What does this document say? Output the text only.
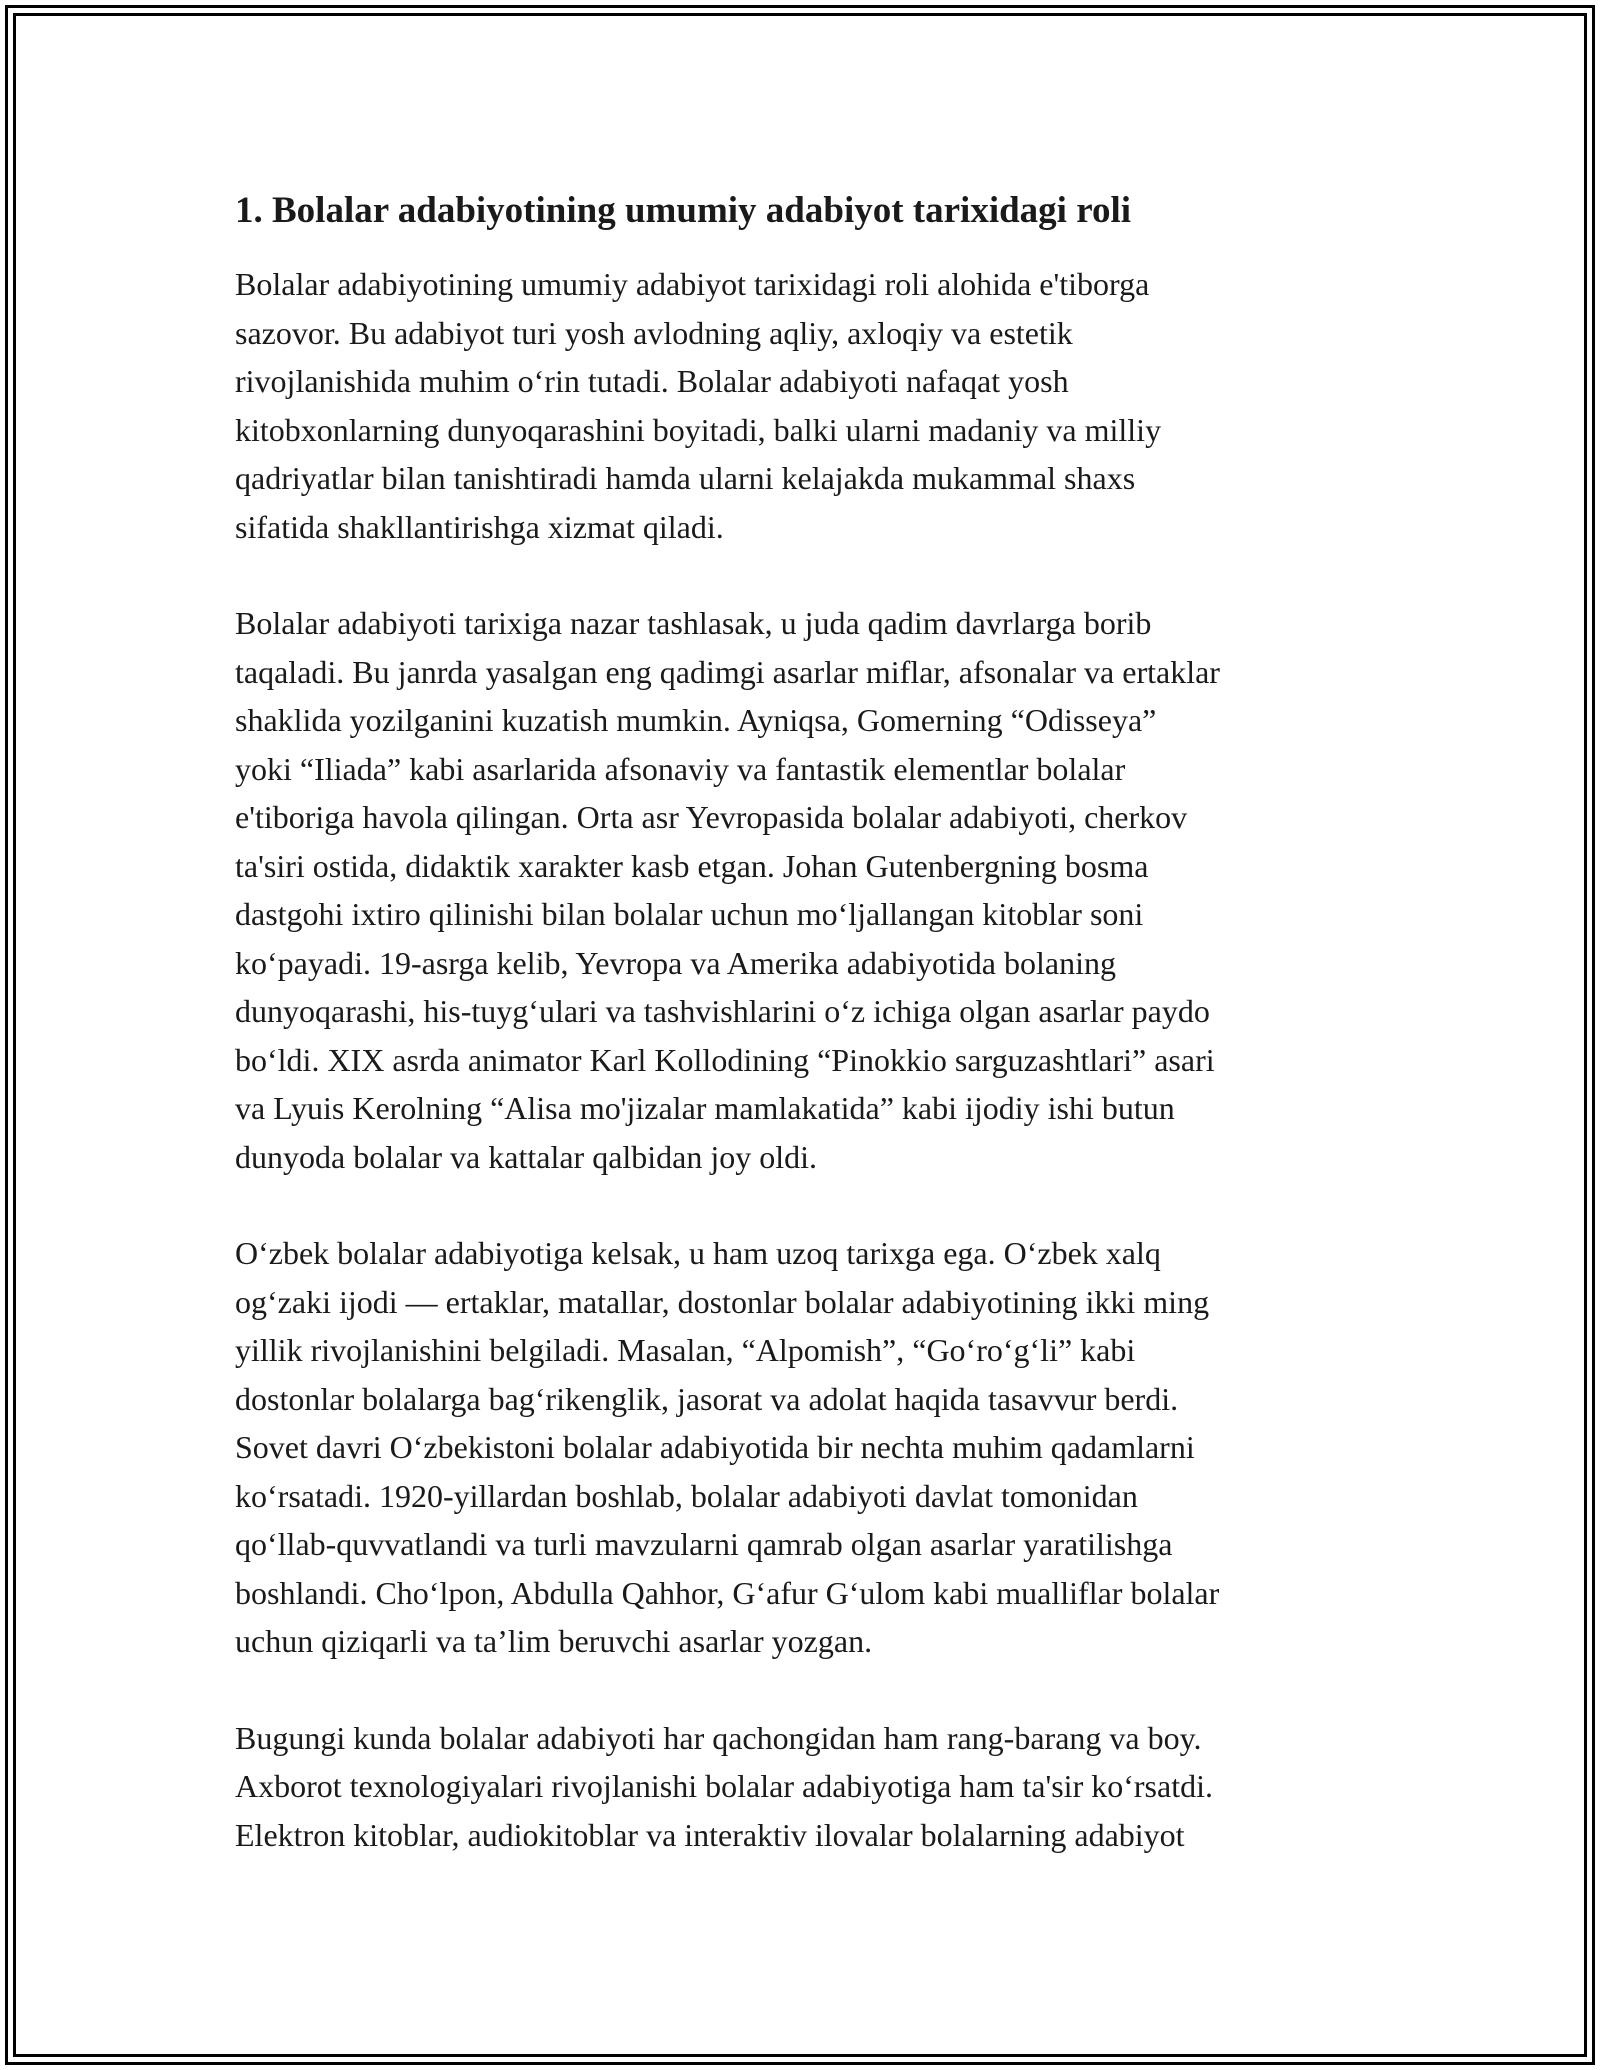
1. Bolalar adabiyotining umumiy adabiyot tarixidagi roli

Bolalar adabiyotining umumiy adabiyot tarixidagi roli alohida e'tiborga
sazovor. Bu adabiyot turi yosh avlodning aqliy, axloqiy va estetik
rivojlanishida muhim o‘rin tutadi. Bolalar adabiyoti nafaqat yosh
kitobxonlarning dunyoqarashini boyitadi, balki ularni madaniy va milliy
qadriyatlar bilan tanishtiradi hamda ularni kelajakda mukammal shaxs
sifatida shakllantirishga xizmat qiladi.

Bolalar adabiyoti tarixiga nazar tashlasak, u juda qadim davrlarga borib
taqaladi. Bu janrda yasalgan eng qadimgi asarlar miflar, afsonalar va ertaklar
shaklida yozilganini kuzatish mumkin. Ayniqsa, Gomerning “Odisseya”
yoki “Iliada” kabi asarlarida afsonaviy va fantastik elementlar bolalar
e'tiboriga havola qilingan. Orta asr Yevropasida bolalar adabiyoti, cherkov
ta'siri ostida, didaktik xarakter kasb etgan. Johan Gutenbergning bosma
dastgohi ixtiro qilinishi bilan bolalar uchun mo‘ljallangan kitoblar soni
ko‘payadi. 19-asrga kelib, Yevropa va Amerika adabiyotida bolaning
dunyoqarashi, his-tuyg‘ulari va tashvishlarini o‘z ichiga olgan asarlar paydo
bo‘ldi. XIX asrda animator Karl Kollodining “Pinokkio sarguzashtlari” asari
va Lyuis Kerolning “Alisa mo'jizalar mamlakatida” kabi ijodiy ishi butun
dunyoda bolalar va kattalar qalbidan joy oldi.

O‘zbek bolalar adabiyotiga kelsak, u ham uzoq tarixga ega. O‘zbek xalq
og‘zaki ijodi — ertaklar, matallar, dostonlar bolalar adabiyotining ikki ming
yillik rivojlanishini belgiladi. Masalan, “Alpomish”, “Go‘ro‘g‘li” kabi
dostonlar bolalarga bag‘rikenglik, jasorat va adolat haqida tasavvur berdi.
Sovet davri O‘zbekistoni bolalar adabiyotida bir nechta muhim qadamlarni
ko‘rsatadi. 1920-yillardan boshlab, bolalar adabiyoti davlat tomonidan
qo‘llab-quvvatlandi va turli mavzularni qamrab olgan asarlar yaratilishga
boshlandi. Cho‘lpon, Abdulla Qahhor, G‘afur G‘ulom kabi mualliflar bolalar
uchun qiziqarli va ta’lim beruvchi asarlar yozgan.

Bugungi kunda bolalar adabiyoti har qachongidan ham rang-barang va boy.
Axborot texnologiyalari rivojlanishi bolalar adabiyotiga ham ta'sir ko‘rsatdi.
Elektron kitoblar, audiokitoblar va interaktiv ilovalar bolalarning adabiyot
